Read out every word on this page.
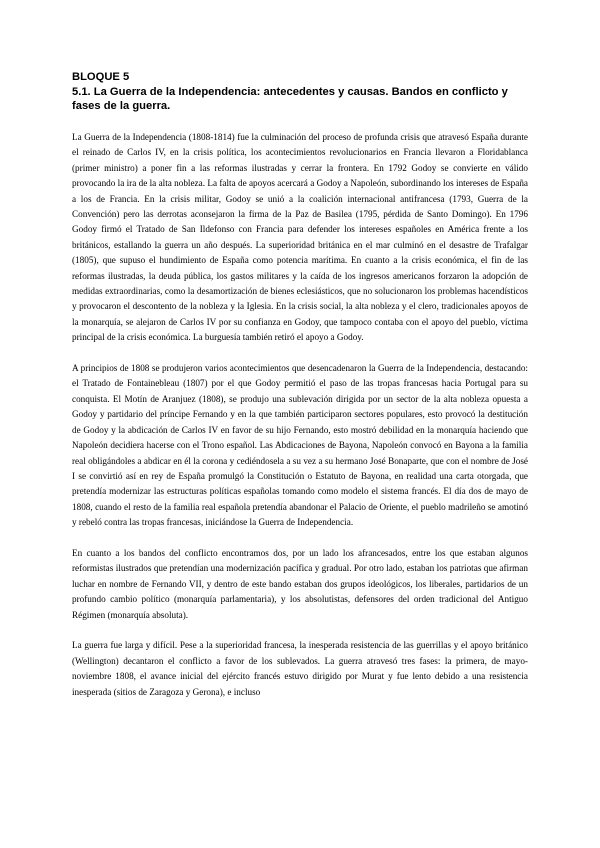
BLOQUE 5
5.1. La Guerra de la Independencia: antecedentes y causas. Bandos en conflicto y fases de la guerra.

La Guerra de la Independencia (1808-1814) fue la culminación del proceso de profunda crisis que atravesó España durante el reinado de Carlos IV, en la crisis política, los acontecimientos revolucionarios en Francia llevaron a Floridablanca (primer ministro) a poner fin a las reformas ilustradas y cerrar la frontera. En 1792 Godoy se convierte en válido provocando la ira de la alta nobleza. La falta de apoyos acercará a Godoy a Napoleón, subordinando los intereses de España a los de Francia. En la crisis militar, Godoy se unió a la coalición internacional antifrancesa (1793, Guerra de la Convención) pero las derrotas aconsejaron la firma de la Paz de Basilea (1795, pérdida de Santo Domingo). En 1796 Godoy firmó el Tratado de San Ildefonso con Francia para defender los intereses españoles en América frente a los británicos, estallando la guerra un año después. La superioridad británica en el mar culminó en el desastre de Trafalgar (1805), que supuso el hundimiento de España como potencia marítima. En cuanto a la crisis económica, el fin de las reformas ilustradas, la deuda pública, los gastos militares y la caída de los ingresos americanos forzaron la adopción de medidas extraordinarias, como la desamortización de bienes eclesiásticos, que no solucionaron los problemas hacendísticos y provocaron el descontento de la nobleza y la Iglesia. En la crisis social, la alta nobleza y el clero, tradicionales apoyos de la monarquía, se alejaron de Carlos IV por su confianza en Godoy, que tampoco contaba con el apoyo del pueblo, víctima principal de la crisis económica. La burguesía también retiró el apoyo a Godoy.

A principios de 1808 se produjeron varios acontecimientos que desencadenaron la Guerra de la Independencia, destacando: el Tratado de Fontainebleau (1807) por el que Godoy permitió el paso de las tropas francesas hacia Portugal para su conquista. El Motín de Aranjuez (1808), se produjo una sublevación dirigida por un sector de la alta nobleza opuesta a Godoy y partidario del príncipe Fernando y en la que también participaron sectores populares, esto provocó la destitución de Godoy y la abdicación de Carlos IV en favor de su hijo Fernando, esto mostró debilidad en la monarquía haciendo que Napoleón decidiera hacerse con el Trono español. Las Abdicaciones de Bayona, Napoleón convocó en Bayona a la familia real obligándoles a abdicar en él la corona y cediéndosela a su vez a su hermano José Bonaparte, que con el nombre de José I se convirtió así en rey de España promulgó la Constitución o Estatuto de Bayona, en realidad una carta otorgada, que pretendía modernizar las estructuras políticas españolas tomando como modelo el sistema francés. El día dos de mayo de 1808, cuando el resto de la familia real española pretendía abandonar el Palacio de Oriente, el pueblo madrileño se amotinó y rebeló contra las tropas francesas, iniciándose la Guerra de Independencia.

En cuanto a los bandos del conflicto encontramos dos, por un lado los afrancesados, entre los que estaban algunos reformistas ilustrados que pretendían una modernización pacífica y gradual. Por otro lado, estaban los patriotas que afirman luchar en nombre de Fernando VII, y dentro de este bando estaban dos grupos ideológicos, los liberales, partidarios de un profundo cambio político (monarquía parlamentaria), y los absolutistas, defensores del orden tradicional del Antiguo Régimen (monarquía absoluta).

La guerra fue larga y difícil. Pese a la superioridad francesa, la inesperada resistencia de las guerrillas y el apoyo británico (Wellington) decantaron el conflicto a favor de los sublevados. La guerra atravesó tres fases: la primera, de mayo-noviembre 1808, el avance inicial del ejército francés estuvo dirigido por Murat y fue lento debido a una resistencia inesperada (sitios de Zaragoza y Gerona), e incluso
